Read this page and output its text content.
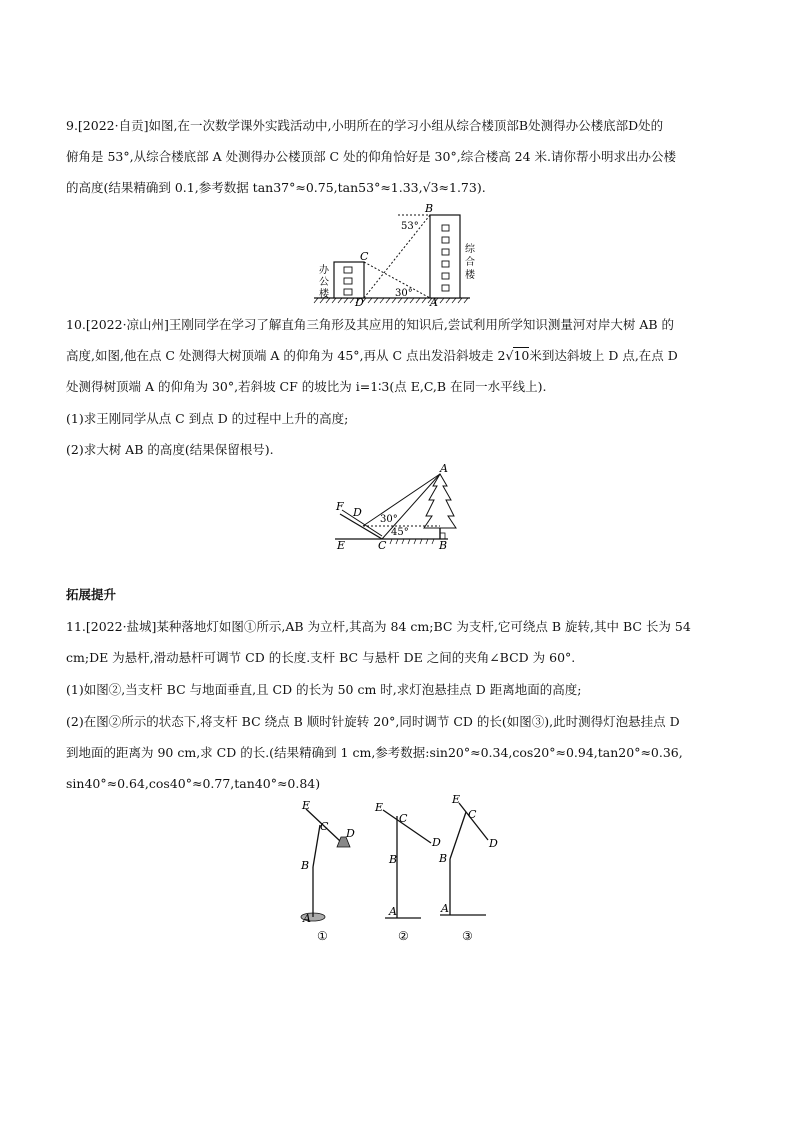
9.[2022·自贡]如图,在一次数学课外实践活动中,小明所在的学习小组从综合楼顶部B处测得办公楼底部D处的
俯角是 53°,从综合楼底部 A 处测得办公楼顶部 C 处的仰角恰好是 30°,综合楼高 24 米.请你帮小明求出办公楼
的高度(结果精确到 0.1,参考数据 tan37°≈0.75,tan53°≈1.33,√3≈1.73).
办
公
楼
综
合
楼
53°
30°
B
C
D	A
10.[2022·凉山州]王刚同学在学习了解直角三角形及其应用的知识后,尝试利用所学知识测量河对岸大树 AB 的
高度,如图,他在点 C 处测得大树顶端 A 的仰角为 45°,再从 C 点出发沿斜坡走 2√10米到达斜坡上 D 点,在点 D
处测得树顶端 A 的仰角为 30°,若斜坡 CF 的坡比为 i=1∶3(点 E,C,B 在同一水平线上).
(1)求王刚同学从点 C 到点 D 的过程中上升的高度;
(2)求大树 AB 的高度(结果保留根号).
A
B
C
D
E
F
30°
45°
拓展提升
11.[2022·盐城]某种落地灯如图①所示,AB 为立杆,其高为 84 cm;BC 为支杆,它可绕点 B 旋转,其中 BC 长为 54
cm;DE 为悬杆,滑动悬杆可调节 CD 的长度.支杆 BC 与悬杆 DE 之间的夹角∠BCD 为 60°.
(1)如图②,当支杆 BC 与地面垂直,且 CD 的长为 50 cm 时,求灯泡悬挂点 D 距离地面的高度;
(2)在图②所示的状态下,将支杆 BC 绕点 B 顺时针旋转 20°,同时调节 CD 的长(如图③),此时测得灯泡悬挂点 D
到地面的距离为 90 cm,求 CD 的长.(结果精确到 1 cm,参考数据:sin20°≈0.34,cos20°≈0.94,tan20°≈0.36,
sin40°≈0.64,cos40°≈0.77,tan40°≈0.84)
A
B
C
D
E
①
A
B
C
D
E
②
A
B
C
D
E
③
